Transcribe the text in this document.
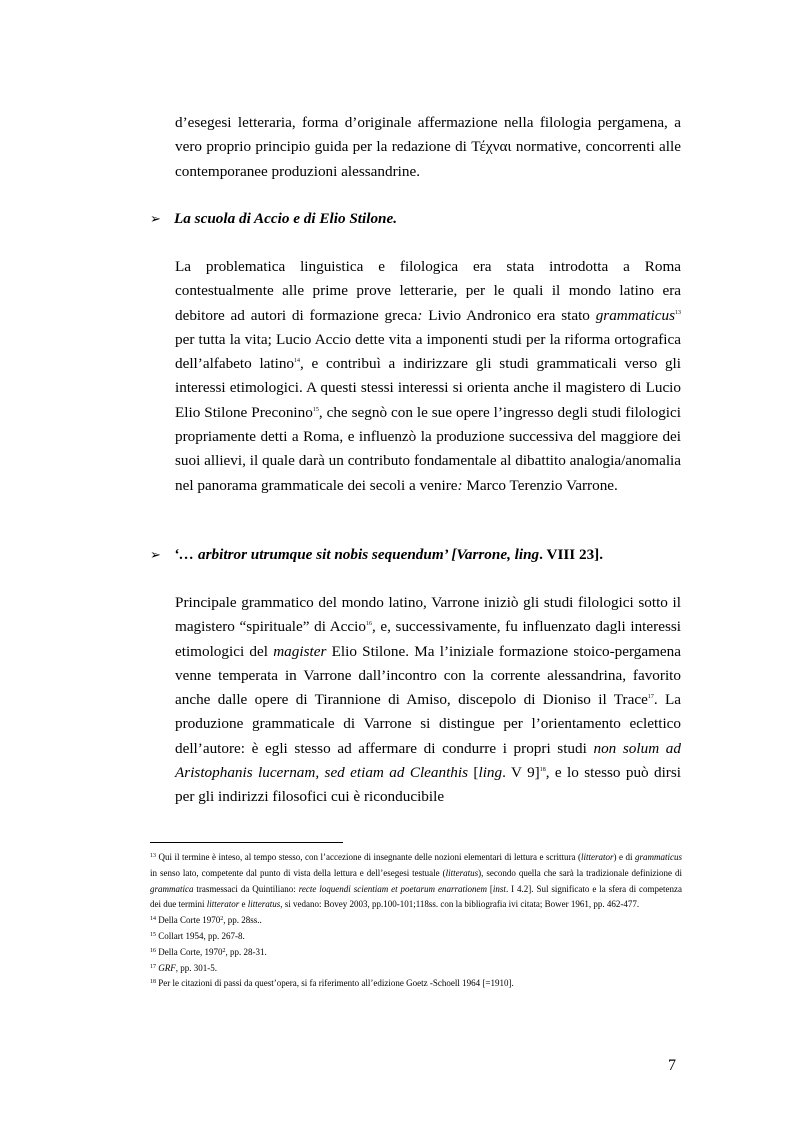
d’esegesi letteraria, forma d’originale affermazione nella filologia pergamena, a vero proprio principio guida per la redazione di Τέχναι normative, concorrenti alle contemporanee produzioni alessandrine.

➢ La scuola di Accio e di Elio Stilone.

La problematica linguistica e filologica era stata introdotta a Roma contestualmente alle prime prove letterarie, per le quali il mondo latino era debitore ad autori di formazione greca: Livio Andronico era stato grammaticus$^{13}$ per tutta la vita; Lucio Accio dette vita a imponenti studi per la riforma ortografica dell’alfabeto latino$^{14}$, e contribuì a indirizzare gli studi grammaticali verso gli interessi etimologici. A questi stessi interessi si orienta anche il magistero di Lucio Elio Stilone Preconino$^{15}$, che segnò con le sue opere l’ingresso degli studi filologici propriamente detti a Roma, e influenzò la produzione successiva del maggiore dei suoi allievi, il quale darà un contributo fondamentale al dibattito analogia/anomalia nel panorama grammaticale dei secoli a venire: Marco Terenzio Varrone.

➢ ‘… arbitror utrumque sit nobis sequendum’ [Varrone, ling. VIII 23].

Principale grammatico del mondo latino, Varrone iniziò gli studi filologici sotto il magistero “spirituale” di Accio$^{16}$, e, successivamente, fu influenzato dagli interessi etimologici del magister Elio Stilone. Ma l’iniziale formazione stoico-pergamena venne temperata in Varrone dall’incontro con la corrente alessandrina, favorito anche dalle opere di Tirannione di Amiso, discepolo di Dioniso il Trace$^{17}$. La produzione grammaticale di Varrone si distingue per l’orientamento eclettico dell’autore: è egli stesso ad affermare di condurre i propri studi non solum ad Aristophanis lucernam, sed etiam ad Cleanthis [ling. V 9]$^{18}$, e lo stesso può dirsi per gli indirizzi filosofici cui è riconducibile

$^{13}$ Qui il termine è inteso, al tempo stesso, con l’accezione di insegnante delle nozioni elementari di lettura e scrittura (litterator) e di grammaticus in senso lato, competente dal punto di vista della lettura e dell’esegesi testuale (litteratus), secondo quella che sarà la tradizionale definizione di grammatica trasmessaci da Quintiliano: recte loquendi scientiam et poetarum enarrationem [inst. I 4.2]. Sul significato e la sfera di competenza dei due termini litterator e litteratus, si vedano: Bovey 2003, pp.100-101;118ss. con la bibliografia ivi citata; Bower 1961, pp. 462-477.

$^{14}$ Della Corte 1970$^2$, pp. 28ss..

$^{15}$ Collart 1954, pp. 267-8.

$^{16}$ Della Corte, 1970$^2$, pp. 28-31.

$^{17}$ GRF, pp. 301-5.

$^{18}$ Per le citazioni di passi da quest’opera, si fa riferimento all’edizione Goetz -Schoell 1964 [=1910].

7
